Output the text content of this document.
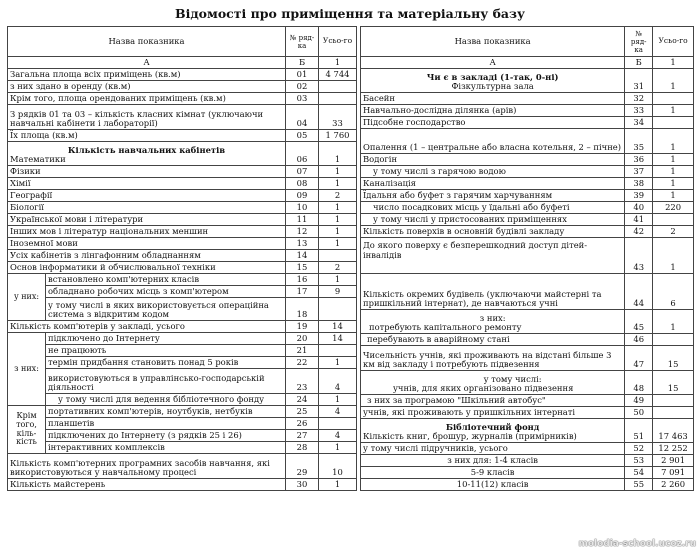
Відомості про приміщення та матеріальну базу
Назва показника		№ ряд-ка	Усьо-го
А		Б	1
Загальна площа всіх приміщень (кв.м)		01	4 744
з них здано в оренду (кв.м)		02	
Крім того, площа орендованих приміщень (кв.м)		03	
З рядків 01 та 03 – кількість класних кімнат (уключаючи навчальні кабінети і лабораторії)		04	33
Їх площа (кв.м)		05	1 760

Кількість навчальних кабінетів
Математики		06	1
Фізики		07	1
Хімії		08	1
Географії		09	2
Біології		10	1
Української мови і літератури		11	1
Інших мов і літератур національних меншин		12	1
Іноземної мови		13	1
Усіх кабінетів з лінгафонним обладнанням		14	
Основ інформатики й обчислювальної техніки		15	2
у них:	встановлено комп'ютерних класів	16	1
	обладнано робочих місць з комп'ютером	17	9
	у тому числі в яких використовується операційна система з відкритим кодом	18	
Кількість комп'ютерів у закладі, усього		19	14
з них:	підключено до Інтернету	20	14
	не працюють	21	
	термін придбання становить понад 5 років	22	1
	використовуються в управлінсько-господарській діяльності	23	4
	у тому числі для ведення бібліотечного фонду	24	1
Крім того, кіль-кість	портативних комп'ютерів, ноутбуків, нетбуків	25	4
	планшетів	26	
	підключених до Інтернету (з рядків 25 і 26)	27	4
	інтерактивних комплексів	28	1
Кількість комп'ютерних програмних засобів навчання, які використовуються у навчальному процесі		29	10
Кількість майстерень		30	1
Назва показника	№ ряд-ка	Усьо-го
А	Б	1

Чи є в закладі (1-так, 0-ні)
Фізкультурна зала	31	1
Басейн	32	
Навчально-дослідна ділянка (арів)	33	1
Підсобне господарство	34	
Опалення (1 – центральне або власна котельня, 2 – пічне)	35	1
Водогін	36	1
у тому числі з гарячою водою	37	1
Каналізація	38	1
Їдальня або буфет з гарячим харчуванням	39	1
число посадкових місць у їдальні або буфеті	40	220
у тому числі у пристосованих приміщеннях	41	
Кількість поверхів в основній будівлі закладу	42	2
До якого поверху є безперешкодний доступ дітей-інвалідів	43	1
Кількість окремих будівель (уключаючи майстерні та пришкільний інтернат), де навчаються учні	44	6

з них:
потребують капітального ремонту	45	1
перебувають в аварійному стані	46	
Чисельність учнів, які проживають на відстані більше 3 км від закладу і потребують підвезення	47	15

у тому числі:
учнів, для яких організовано підвезення	48	15
з них за програмою "Шкільний автобус"	49	
учнів, які проживають у пришкільних інтернаті	50	

Бібліотечний фонд
Кількість книг, брошур, журналів (примірників)	51	17 463
у тому числі підручників, усього	52	12 252
з них для: 1-4 класів	53	2 901
5-9 класів	54	7 091
10-11(12) класів	55	2 260
molodia-school.ucoz.ru
